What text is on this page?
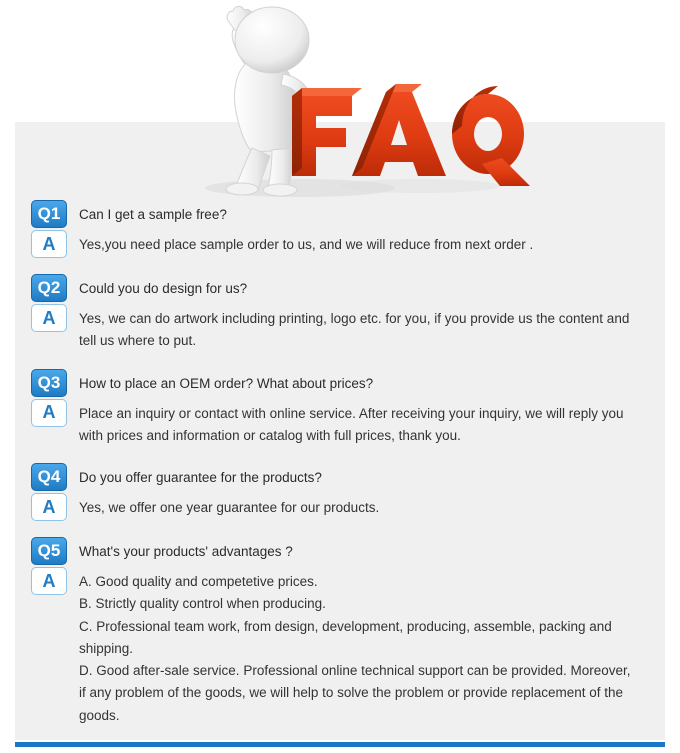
Q1	Can I get a sample free?
A	Yes,you need place sample order to us, and we will reduce from next order .
Q2	Could you do design for us?
A	Yes, we can do artwork including printing, logo etc. for you, if you provide us the content and tell us where to put.
Q3	How to place an OEM order? What about prices?
A	Place an inquiry or contact with online service. After receiving your inquiry, we will reply you with prices and information or catalog with full prices, thank you.
Q4	Do you offer guarantee for the products?
A	Yes, we offer one year guarantee for our products.
Q5	What's your products' advantages ?
A	A. Good quality and competetive prices.
B. Strictly quality control when producing.
C. Professional team work, from design, development, producing, assemble, packing and shipping.
D. Good after-sale service. Professional online technical support can be provided. Moreover, if any problem of the goods, we will help to solve the problem or provide replacement of the goods.
